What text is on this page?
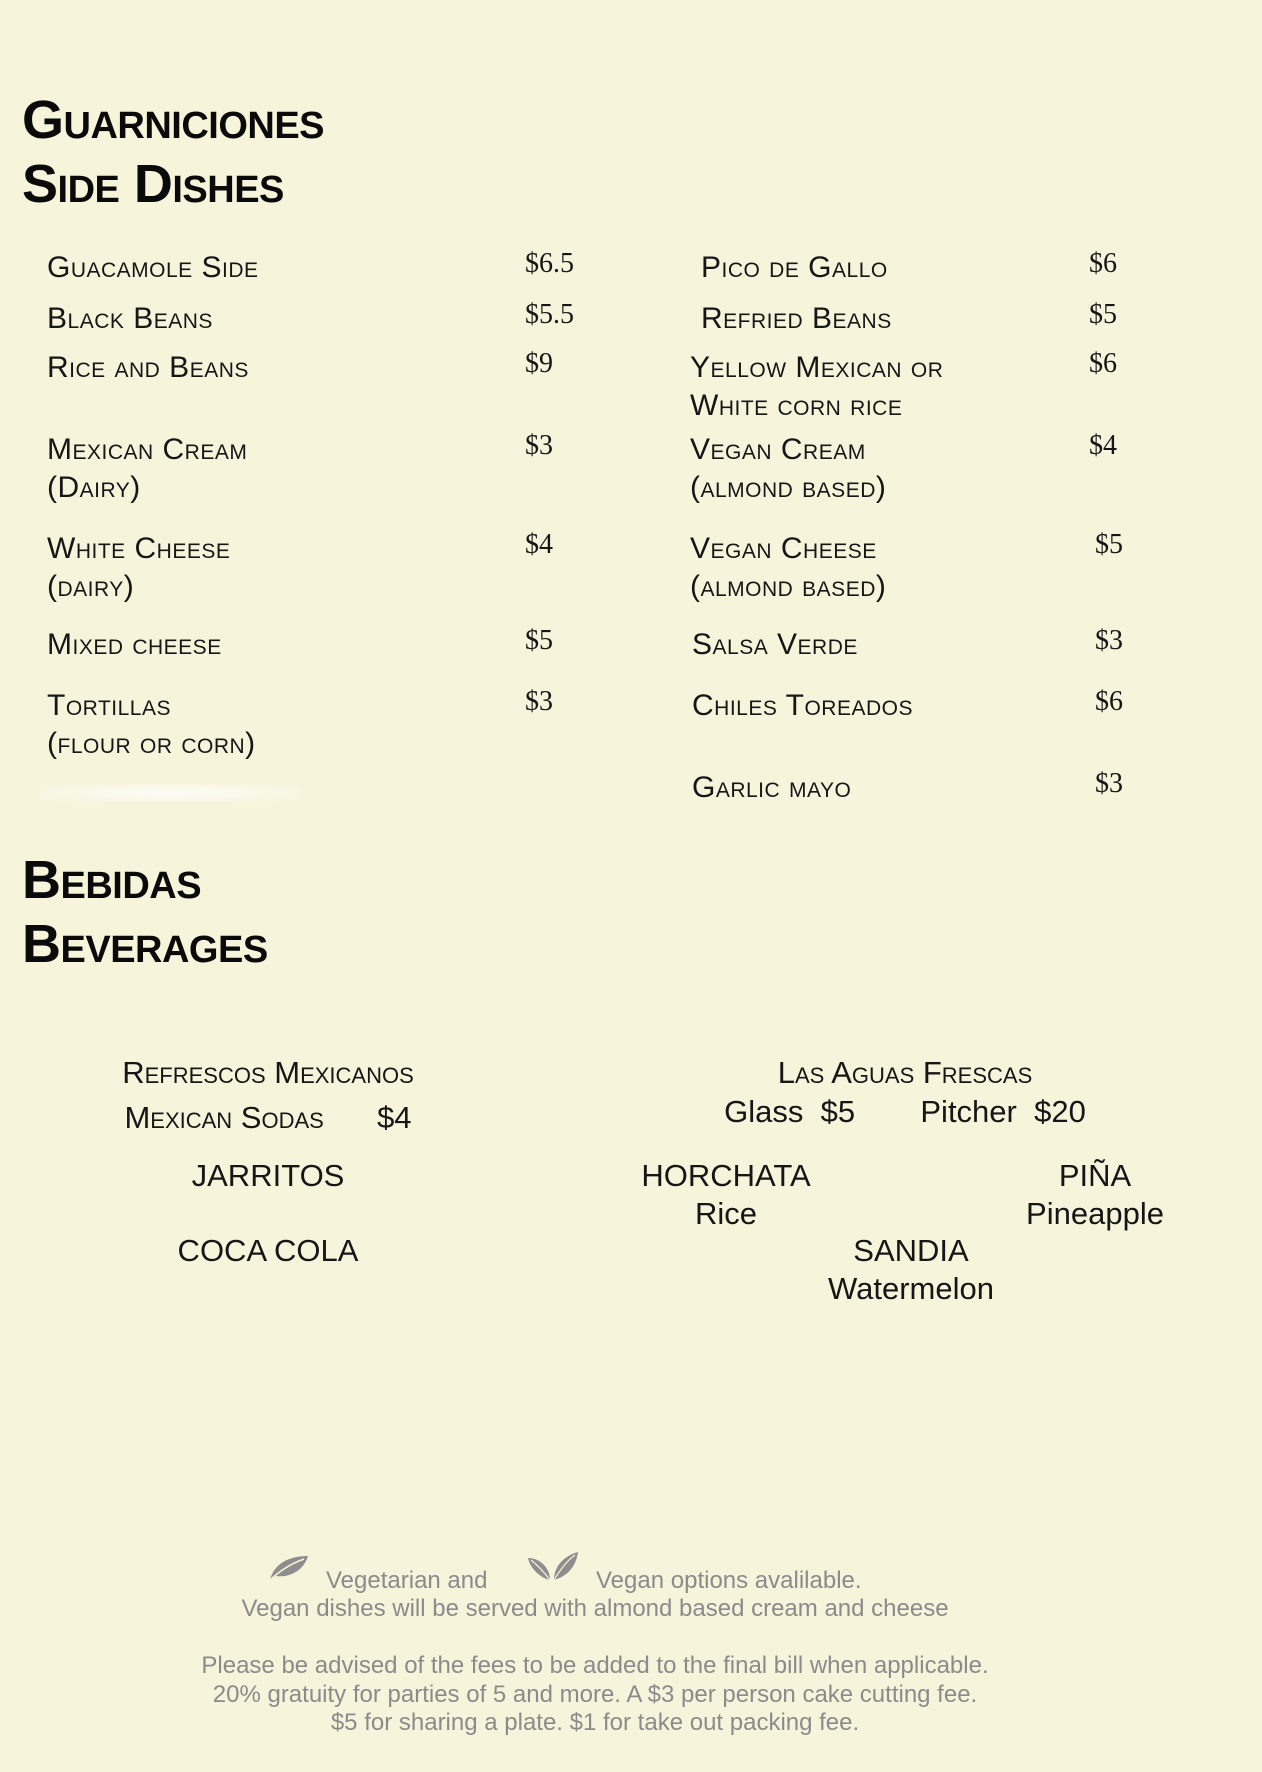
Guarniciones
Side Dishes
Guacamole Side	$6.5
Black Beans	$5.5
Rice and Beans	$9
Mexican Cream
(Dairy)
$3
White Cheese
(dairy)
$4
Mixed cheese	$5
Tortillas
(flour or corn)
$3
Pico de Gallo	$6
Refried Beans	$5
Yellow Mexican or
White corn rice
$6
Vegan Cream
(almond based)
$4
Vegan Cheese
(almond based)
$5
Salsa Verde	$3
Chiles Toreados	$6
Garlic mayo	$3
Bebidas
Beverages
Refrescos Mexicanos
Mexican Sodas $4
JARRITOS
COCA COLA
Las Aguas Frescas
Glass $5 Pitcher $20
HORCHATA
Rice
PIÑA
Pineapple
SANDIA
Watermelon
Vegetarian and	Vegan options avalilable.
Vegan dishes will be served with almond based cream and cheese
Please be advised of the fees to be added to the final bill when applicable.
20% gratuity for parties of 5 and more. A $3 per person cake cutting fee.
$5 for sharing a plate. $1 for take out packing fee.
